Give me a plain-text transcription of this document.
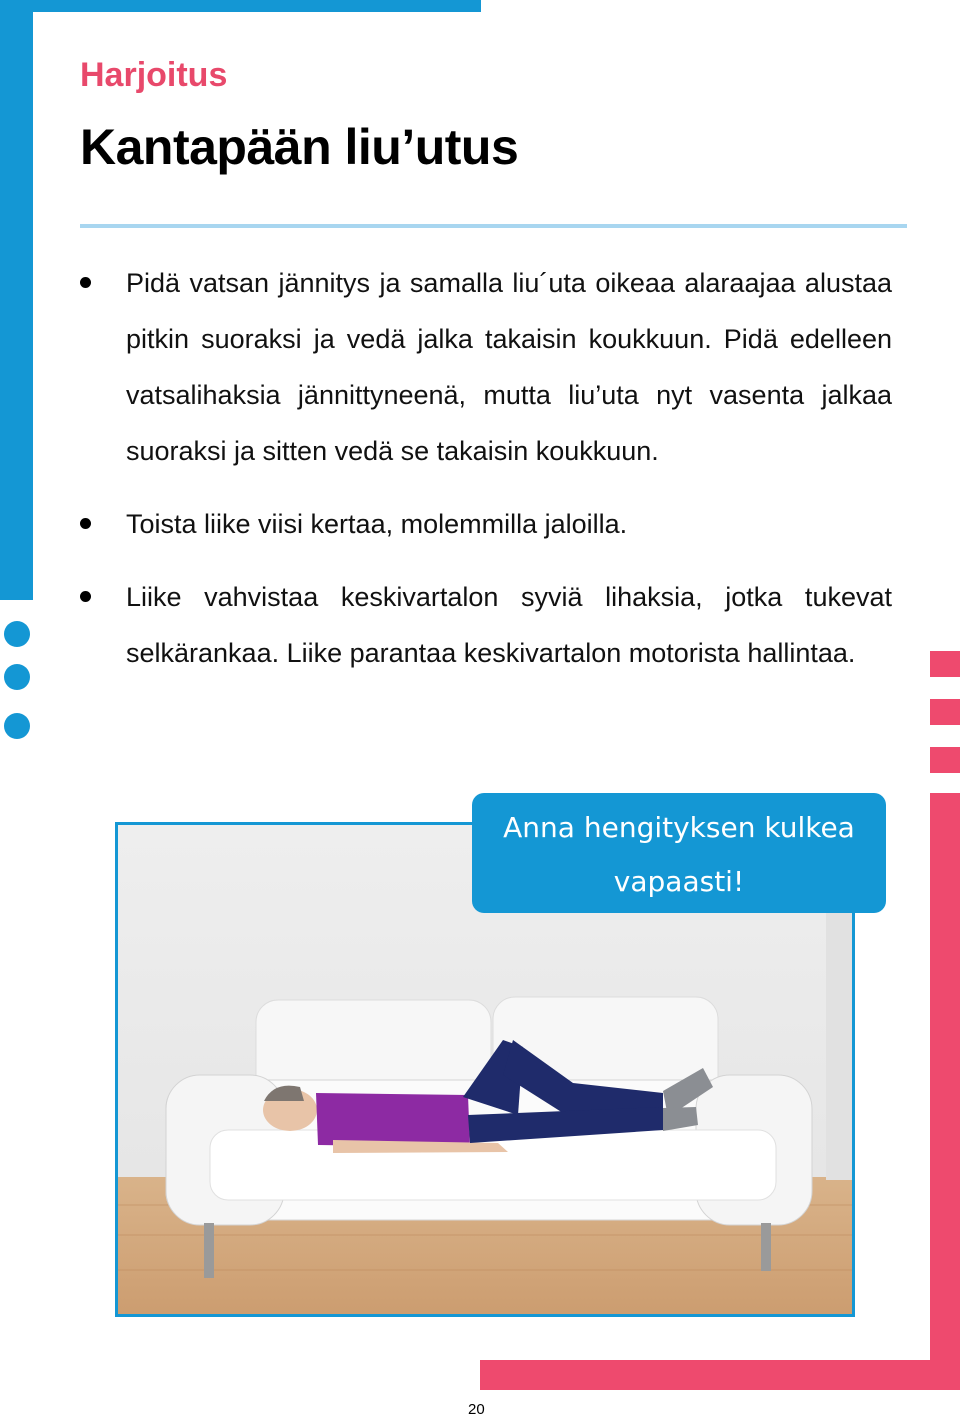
Harjoitus
Kantapään liu’utus
Pidä vatsan jännitys ja samalla liu´uta oikeaa alaraajaa alustaa pitkin suoraksi ja vedä jalka takaisin koukkuun. Pidä edelleen vatsalihaksia jännittyneenä, mutta liu’uta nyt vasenta jalkaa suoraksi ja sitten vedä se takaisin koukkuun.
Toista liike viisi kertaa, molemmilla jaloilla.
Liike vahvistaa keskivartalon syviä lihaksia, jotka tukevat selkärankaa. Liike parantaa keskivartalon motorista hallintaa.
Anna hengityksen kulkea
vapaasti!
20
